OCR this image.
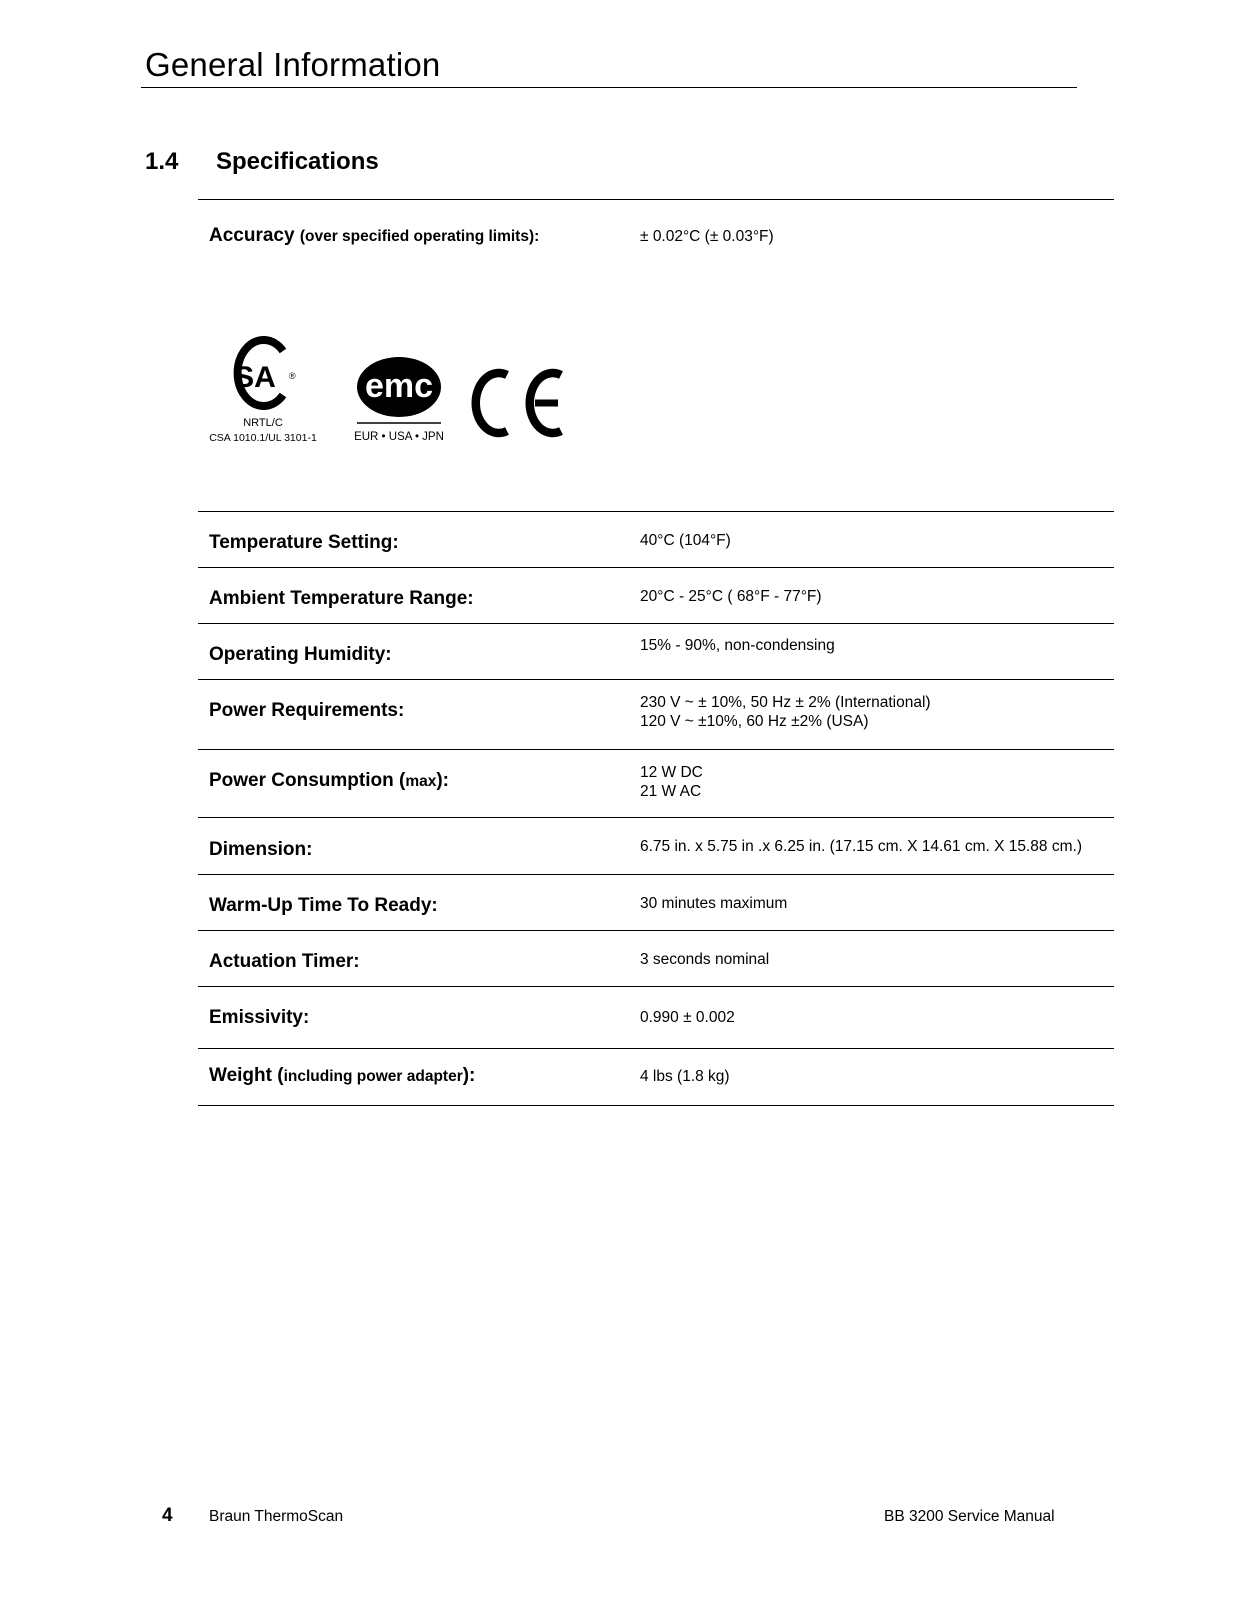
General Information
1.4 Specifications
Accuracy (over specified operating limits):	± 0.02°C (± 0.03°F)
SA ®
NRTL/C
CSA 1010.1/UL 3101-1
emc
EUR • USA • JPN
Temperature Setting:	40°C (104°F)
Ambient Temperature Range:	20°C - 25°C ( 68°F - 77°F)
Operating Humidity:	15% - 90%, non-condensing
Power Requirements:	230 V ~ ± 10%, 50 Hz ± 2% (International)
120 V ~ ±10%, 60 Hz ±2% (USA)
Power Consumption (max):	12 W DC
21 W AC
Dimension:	6.75 in. x 5.75 in .x 6.25 in. (17.15 cm. X 14.61 cm. X 15.88 cm.)
Warm-Up Time To Ready:	30 minutes maximum
Actuation Timer:	3 seconds nominal
Emissivity:	0.990 ± 0.002
Weight (including power adapter):	4 lbs (1.8 kg)
4 Braun ThermoScan	BB 3200 Service Manual
